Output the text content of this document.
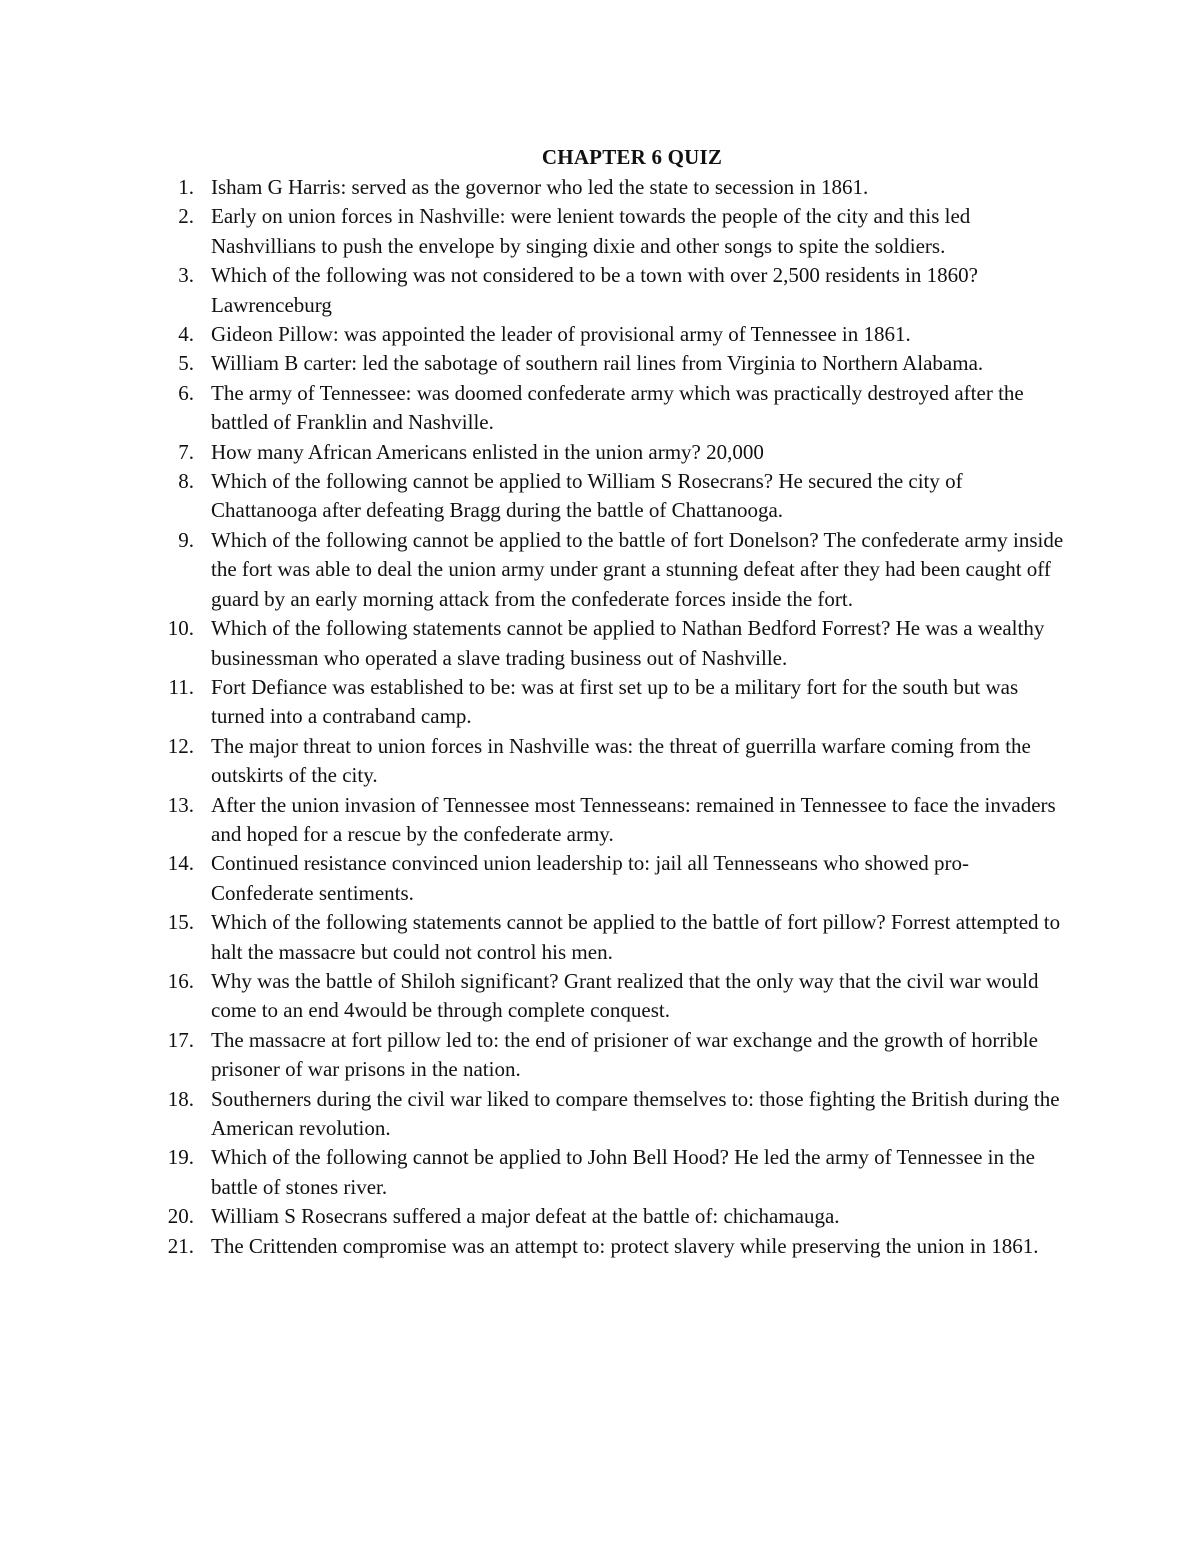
CHAPTER 6 QUIZ
1. Isham G Harris: served as the governor who led the state to secession in 1861.
2. Early on union forces in Nashville: were lenient towards the people of the city and this led Nashvillians to push the envelope by singing dixie and other songs to spite the soldiers.
3. Which of the following was not considered to be a town with over 2,500 residents in 1860? Lawrenceburg
4. Gideon Pillow: was appointed the leader of provisional army of Tennessee in 1861.
5. William B carter: led the sabotage of southern rail lines from Virginia to Northern Alabama.
6. The army of Tennessee: was doomed confederate army which was practically destroyed after the battled of Franklin and Nashville.
7. How many African Americans enlisted in the union army? 20,000
8. Which of the following cannot be applied to William S Rosecrans? He secured the city of Chattanooga after defeating Bragg during the battle of Chattanooga.
9. Which of the following cannot be applied to the battle of fort Donelson? The confederate army inside the fort was able to deal the union army under grant a stunning defeat after they had been caught off guard by an early morning attack from the confederate forces inside the fort.
10. Which of the following statements cannot be applied to Nathan Bedford Forrest? He was a wealthy businessman who operated a slave trading business out of Nashville.
11. Fort Defiance was established to be: was at first set up to be a military fort for the south but was turned into a contraband camp.
12. The major threat to union forces in Nashville was: the threat of guerrilla warfare coming from the outskirts of the city.
13. After the union invasion of Tennessee most Tennesseans: remained in Tennessee to face the invaders and hoped for a rescue by the confederate army.
14. Continued resistance convinced union leadership to: jail all Tennesseans who showed pro- Confederate sentiments.
15. Which of the following statements cannot be applied to the battle of fort pillow? Forrest attempted to halt the massacre but could not control his men.
16. Why was the battle of Shiloh significant? Grant realized that the only way that the civil war would come to an end 4would be through complete conquest.
17. The massacre at fort pillow led to: the end of prisioner of war exchange and the growth of horrible prisoner of war prisons in the nation.
18. Southerners during the civil war liked to compare themselves to: those fighting the British during the American revolution.
19. Which of the following cannot be applied to John Bell Hood? He led the army of Tennessee in the battle of stones river.
20. William S Rosecrans suffered a major defeat at the battle of: chichamauga.
21. The Crittenden compromise was an attempt to: protect slavery while preserving the union in 1861.
